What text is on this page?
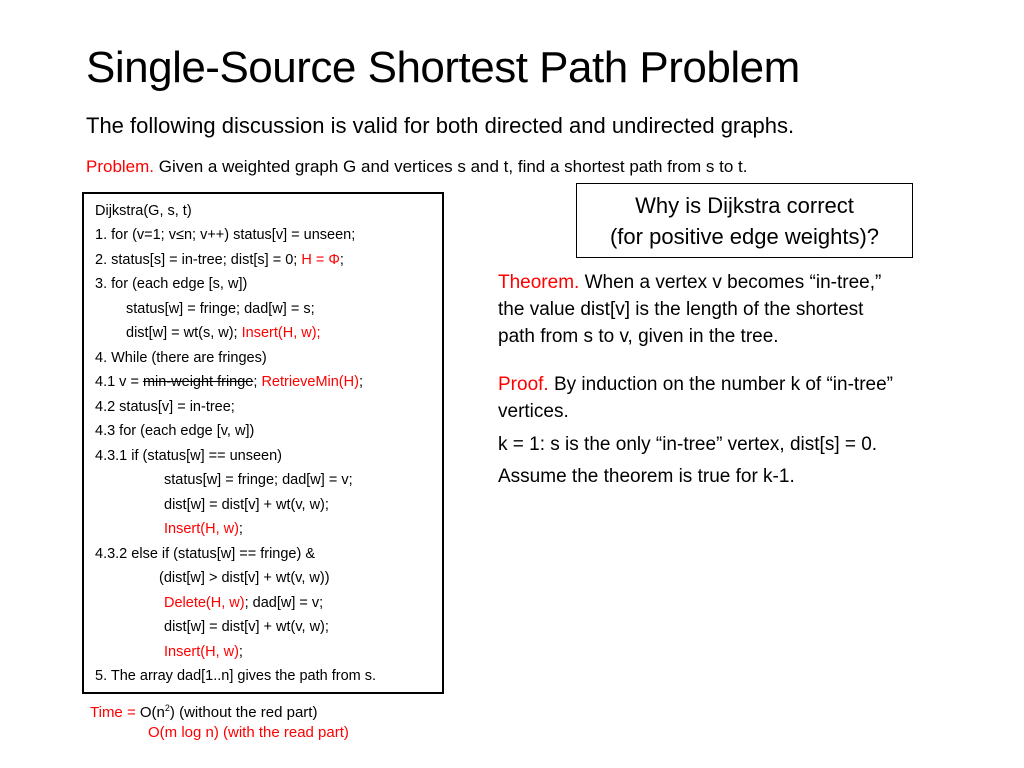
Single-Source Shortest Path Problem
The following discussion is valid for both directed and undirected graphs.
Problem. Given a weighted graph G and vertices s and t, find a shortest path from s to t.
Dijkstra(G, s, t)
1. for (v=1; v≤n; v++) status[v] = unseen;
2. status[s] = in-tree; dist[s] = 0; H = Φ;
3. for (each edge [s, w])
status[w] = fringe; dad[w] = s;
dist[w] = wt(s, w); Insert(H, w);
4. While (there are fringes)
4.1 v = min-weight fringe; RetrieveMin(H);
4.2 status[v] = in-tree;
4.3 for (each edge [v, w])
4.3.1 if (status[w] == unseen)
status[w] = fringe; dad[w] = v;
dist[w] = dist[v] + wt(v, w);
Insert(H, w);
4.3.2 else if (status[w] == fringe) &
(dist[w] > dist[v] + wt(v, w))
Delete(H, w); dad[w] = v;
dist[w] = dist[v] + wt(v, w);
Insert(H, w);
5. The array dad[1..n] gives the path from s.
Time = $O(n^2)$ (without the red part)
O(m log n) (with the read part)
Why is Dijkstra correct
(for positive edge weights)?
Theorem. When a vertex v becomes “in-tree,”
the value dist[v] is the length of the shortest
path from s to v, given in the tree.
Proof. By induction on the number k of “in-tree”
vertices.
k = 1: s is the only “in-tree” vertex, dist[s] = 0.
Assume the theorem is true for k-1.
